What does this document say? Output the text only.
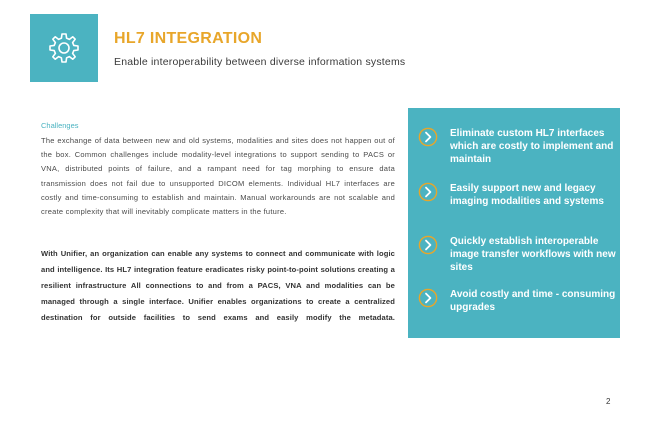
HL7 INTEGRATION
Enable interoperability between diverse information systems
Challenges

The exchange of data between new and old systems, modalities and sites does not happen out of the box. Common challenges include modality-level integrations to support sending to PACS or VNA, distributed points of failure, and a rampant need for tag morphing to ensure data transmission does not fail due to unsupported DICOM elements. Individual HL7 interfaces are costly and time-consuming to establish and maintain. Manual workarounds are not scalable and create complexity that will inevitably complicate matters in the future.

With Unifier, an organization can enable any systems to connect and communicate with logic and intelligence. Its HL7 integration feature eradicates risky point-to-point solutions creating a resilient infrastructure All connections to and from a PACS, VNA and modalities can be managed through a single interface. Unifier enables organizations to create a centralized destination for outside facilities to send exams and easily modify the metadata.

Eliminate custom HL7 interfaces which are costly to implement and maintain

Easily support new and legacy imaging modalities and systems

Quickly establish interoperable image transfer workflows with new sites

Avoid costly and time - consuming upgrades

2
